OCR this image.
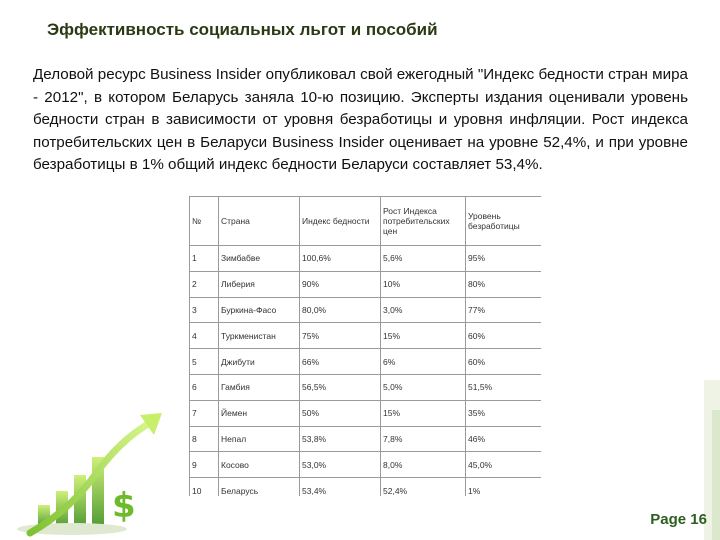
Эффективность социальных льгот и пособий
Деловой ресурс Business Insider опубликовал свой ежегодный "Индекс бедности стран мира - 2012", в котором Беларусь заняла 10-ю позицию. Эксперты издания оценивали уровень бедности стран в зависимости от уровня безработицы и уровня инфляции. Рост индекса потребительских цен в Беларуси Business Insider оценивает на уровне 52,4%, и при уровне безработицы в 1% общий индекс бедности Беларуси составляет 53,4%.
№	Страна	Индекс бедности	Рост Индекса потребительских цен	Уровень безработицы
1	Зимбабве	100,6%	5,6%	95%
2	Либерия	90%	10%	80%
3	Буркина-Фасо	80,0%	3,0%	77%
4	Туркменистан	75%	15%	60%
5	Джибути	66%	6%	60%
6	Гамбия	56,5%	5,0%	51,5%
7	Йемен	50%	15%	35%
8	Непал	53,8%	7,8%	46%
9	Косово	53,0%	8,0%	45,0%
10	Беларусь	53,4%	52,4%	1%
$	Page 16
